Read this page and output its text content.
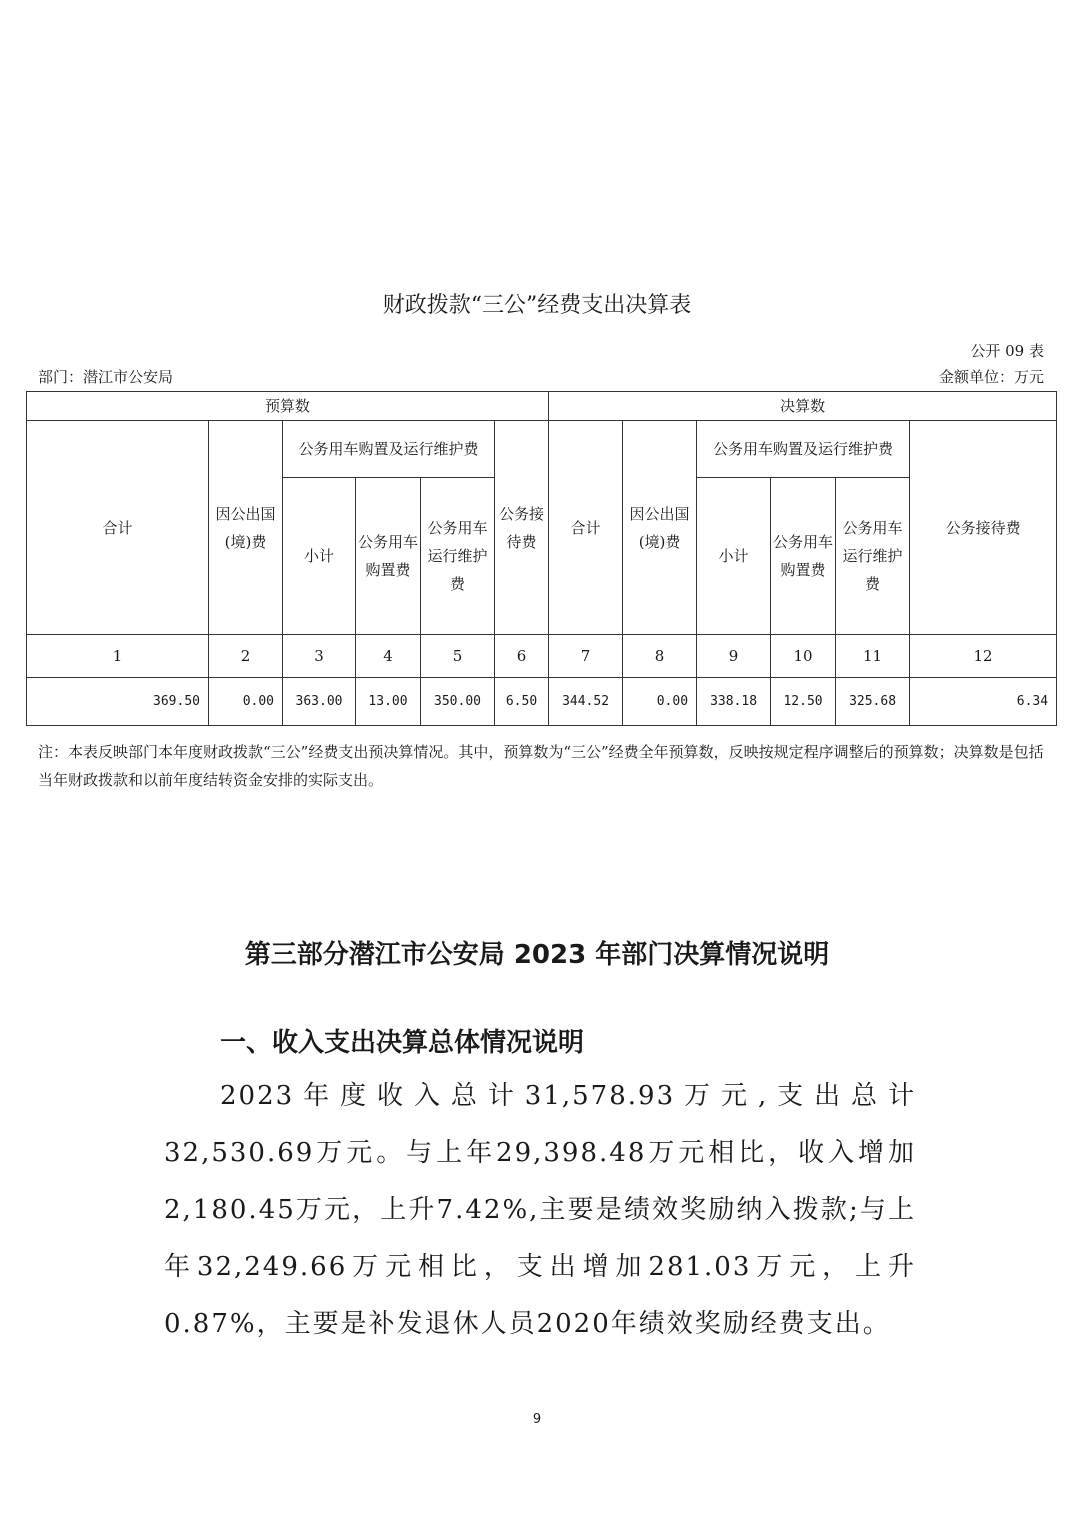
财政拨款“三公”经费支出决算表
公开 09 表
部门：潜江市公安局	金额单位：万元
预算数						决算数					
合计	因公出国(境)费	公务用车购置及运行维护费			公务接待费	合计	因公出国(境)费	公务用车购置及运行维护费			公务接待费
		小计	公务用车购置费	公务用车运行维护费				小计	公务用车购置费	公务用车运行维护费	
1	2	3	4	5	6	7	8	9	10	11	12
369.50	0.00	363.00	13.00	350.00	6.50	344.52	0.00	338.18	12.50	325.68	6.34
注：本表反映部门本年度财政拨款“三公”经费支出预决算情况。其中，预算数为“三公”经费全年预算数，反映按规定程序调整后的预算数；决算数是包括当年财政拨款和以前年度结转资金安排的实际支出。
第三部分潜江市公安局 2023 年部门决算情况说明
一、收入支出决算总体情况说明
2023年度收入总计31,578.93万元,支出总计32,530.69万元。与上年29,398.48万元相比，收入增加2,180.45万元，上升7.42%,主要是绩效奖励纳入拨款;与上年32,249.66万元相比，支出增加281.03万元，上升0.87%，主要是补发退休人员2020年绩效奖励经费支出。
9
